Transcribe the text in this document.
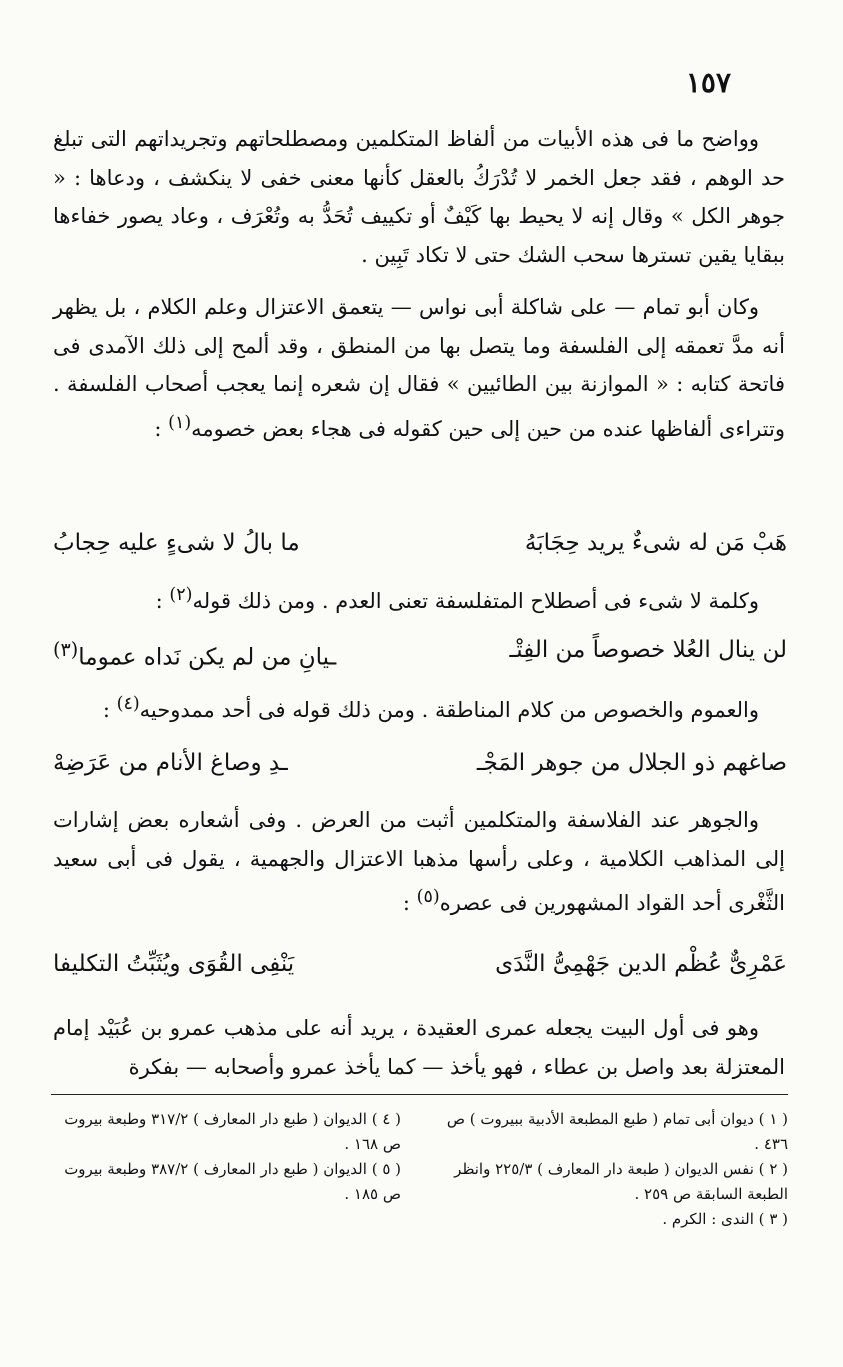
١٥٧
وواضح ما فى هذه الأبيات من ألفاظ المتكلمين ومصطلحاتهم وتجريداتهم التى تبلغ حد الوهم ، فقد جعل الخمر لا تُدْرَكُ بالعقل كأنها معنى خفى لا ينكشف ، ودعاها : « جوهر الكل » وقال إنه لا يحيط بها كَيْفٌ أو تكييف تُحَدُّ به وتُعْرَف ، وعاد يصور خفاءها ببقايا يقين تسترها سحب الشك حتى لا تكاد تَبِين .
وكان أبو تمام — على شاكلة أبى نواس — يتعمق الاعتزال وعلم الكلام ، بل يظهر أنه مدَّ تعمقه إلى الفلسفة وما يتصل بها من المنطق ، وقد ألمح إلى ذلك الآمدى فى فاتحة كتابه : « الموازنة بين الطائيين » فقال إن شعره إنما يعجب أصحاب الفلسفة . وتتراءى ألفاظها عنده من حين إلى حين كقوله فى هجاء بعض خصومه$^{(١)}$ :
هَبْ مَن له شىءٌ يريد حِجَابَهُ
ما بالُ لا شىءٍ عليه حِجابُ
وكلمة لا شىء فى أصطلاح المتفلسفة تعنى العدم . ومن ذلك قوله$^{(٢)}$ :
لن ينال العُلا خصوصاً من الفِتْـ
ـيانِ من لم يكن نَداه عموما$^{(٣)}$
والعموم والخصوص من كلام المناطقة . ومن ذلك قوله فى أحد ممدوحيه$^{(٤)}$ :
صاغهم ذو الجلال من جوهر المَجْـ
ـدِ وصاغ الأنام من عَرَضِهْ
والجوهر عند الفلاسفة والمتكلمين أثبت من العرض . وفى أشعاره بعض إشارات إلى المذاهب الكلامية ، وعلى رأسها مذهبا الاعتزال والجهمية ، يقول فى أبى سعيد الثَّغْرى أحد القواد المشهورين فى عصره$^{(٥)}$ :
عَمْرِىٌّ عُظْم الدين جَهْمِىُّ النَّدَى
يَنْفِى القُوَى ويُثَبِّتُ التكليفا
وهو فى أول البيت يجعله عمرى العقيدة ، يريد أنه على مذهب عمرو بن عُبَيْد إمام المعتزلة بعد واصل بن عطاء ، فهو يأخذ — كما يأخذ عمرو وأصحابه — بفكرة
( ١ ) ديوان أبى تمام ( طبع المطبعة الأدبية ببيروت ) ص ٤٣٦ .
( ٢ ) نفس الديوان ( طبعة دار المعارف ) ٢٢٥/٣ وانظر الطبعة السابقة ص ٢٥٩ .
( ٣ ) الندى : الكرم .
( ٤ ) الديوان ( طبع دار المعارف ) ٣١٧/٢ وطبعة بيروت ص ١٦٨ .
( ٥ ) الديوان ( طبع دار المعارف ) ٣٨٧/٢ وطبعة بيروت ص ١٨٥ .
